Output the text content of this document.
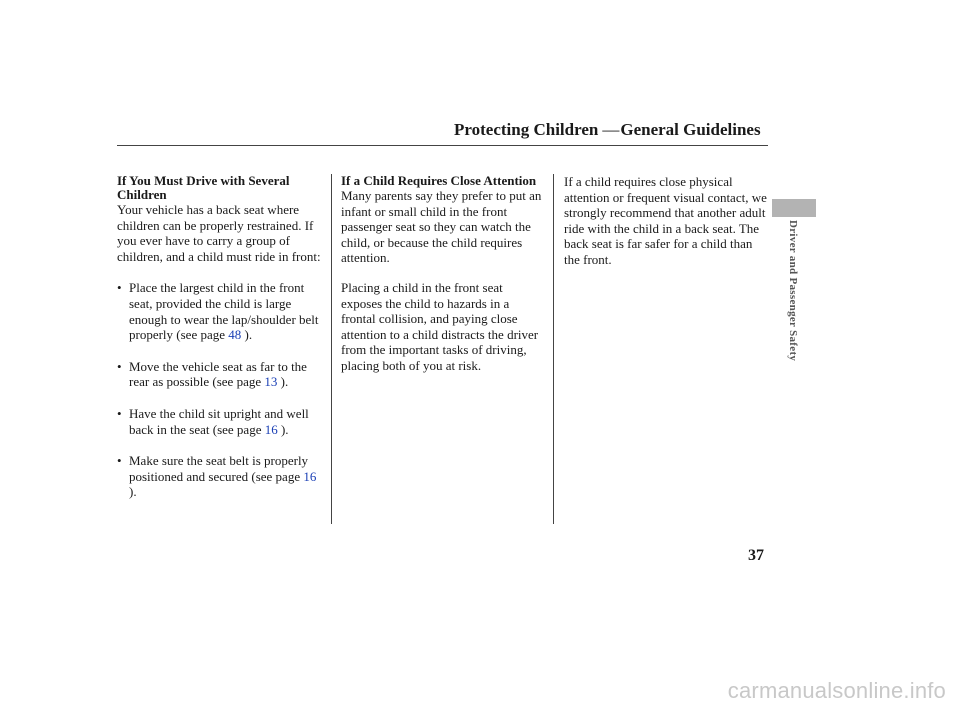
Protecting Children —General Guidelines
If You Must Drive with Several Children

Your vehicle has a back seat where children can be properly restrained. If you ever have to carry a group of children, and a child must ride in front:

• Place the largest child in the front seat, provided the child is large enough to wear the lap/shoulder belt properly (see page 48 ).
• Move the vehicle seat as far to the rear as possible (see page 13 ).
• Have the child sit upright and well back in the seat (see page 16 ).
• Make sure the seat belt is properly positioned and secured (see page 16 ).
If a Child Requires Close Attention

Many parents say they prefer to put an infant or small child in the front passenger seat so they can watch the child, or because the child requires attention.

Placing a child in the front seat exposes the child to hazards in a frontal collision, and paying close attention to a child distracts the driver from the important tasks of driving, placing both of you at risk.

If a child requires close physical attention or frequent visual contact, we strongly recommend that another adult ride with the child in a back seat. The back seat is far safer for a child than the front.	Driver and Passenger Safety
37
carmanualsonline.info
